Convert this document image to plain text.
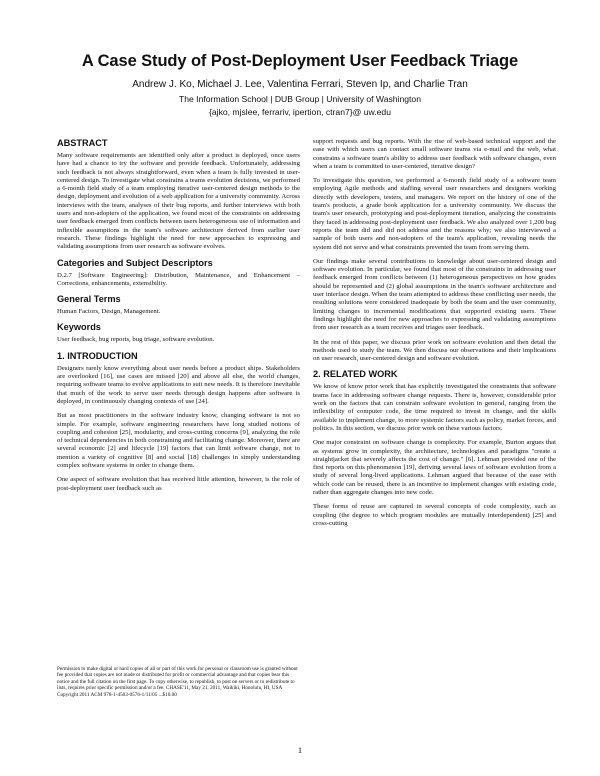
A Case Study of Post-Deployment User Feedback Triage
Andrew J. Ko, Michael J. Lee, Valentina Ferrari, Steven Ip, and Charlie Tran
The Information School | DUB Group | University of Washington
{ajko, mjslee, ferrariv, ipertion, ctran7}@ uw.edu
ABSTRACT

Many software requirements are identified only after a product is deployed, once users have had a chance to try the software and provide feedback. Unfortunately, addressing such feedback is not always straightforward, even when a team is fully invested in user-centered design. To investigate what constrains a teams evolution decisions, we performed a 6-month field study of a team employing iterative user-centered design methods to the design, deployment and evolution of a web application for a university community. Across interviews with the team, analyses of their bug reports, and further interviews with both users and non-adopters of the application, we found most of the constraints on addressing user feedback emerged from conflicts between users heterogeneous use of information and inflexible assumptions in the team's software architecture derived from earlier user research. These findings highlight the need for new approaches to expressing and validating assumptions from user research as software evolves.

Categories and Subject Descriptors

D.2.7 [Software Engineering]: Distribution, Maintenance, and Enhancement – Corrections, enhancements, extensibility.

General Terms

Human Factors, Design, Management.

Keywords

User feedback, bug reports, bug triage, software evolution.

1. INTRODUCTION

Designers rarely know everything about user needs before a product ships. Stakeholders are overlooked [16], use cases are missed [20] and above all else, the world changes, requiring software teams to evolve applications to suit new needs. It is therefore inevitable that much of the work to serve user needs through design happens after software is deployed, in continuously changing contexts of use [24].

But as most practitioners in the software industry know, changing software is not so simple. For example, software engineering researchers have long studied notions of coupling and cohesion [25], modularity, and cross-cutting concerns [9], analyzing the role of technical dependencies in both constraining and facilitating change. Moreover, there are several economic [2] and lifecycle [19] factors that can limit software change, not to mention a variety of cognitive [8] and social [18] challenges in simply understanding complex software systems in order to change them.

One aspect of software evolution that has received little attention, however, is the role of post-deployment user feedback such as

Permission to make digital or hard copies of all or part of this work for personal or classroom use is granted without fee provided that copies are not made or distributed for profit or commercial advantage and that copies bear this notice and the full citation on the first page. To copy otherwise, to republish, to post on servers or to redistribute to lists, requires prior specific permission and/or a fee. CHASE'11, May 21, 2011, Waikiki, Honolulu, HI, USA Copyright 2011 ACM 978-1-4503-0576-1/11/05 ...$10.00

support requests and bug reports. With the rise of web-based technical support and the ease with which users can contact small software teams via e-mail and the web, what constrains a software team's ability to address user feedback with software changes, even when a team is committed to user-centered, iterative design?

To investigate this question, we performed a 6-month field study of a software team employing Agile methods and staffing several user researchers and designers working directly with developers, testers, and managers. We report on the history of one of the team's products, a grade book application for a university community. We discuss the team's user research, prototyping and post-deployment iteration, analyzing the constraints they faced in addressing post-deployment user feedback. We also analyzed over 1,200 bug reports the team did and did not address and the reasons why; we also interviewed a sample of both users and non-adopters of the team's application, revealing needs the system did not serve and what constraints prevented the team from serving them.

Our findings make several contributions to knowledge about user-centered design and software evolution. In particular, we found that most of the constraints in addressing user feedback emerged from conflicts between (1) heterogeneous perspectives on how grades should be represented and (2) global assumptions in the team's software architecture and user interface design. When the team attempted to address these conflicting user needs, the resulting solutions were considered inadequate by both the team and the user community, limiting changes to incremental modifications that supported existing users. These findings highlight the need for new approaches to expressing and validating assumptions from user research as a team receives and triages user feedback.

In the rest of this paper, we discuss prior work on software evolution and then detail the methods used to study the team. We then discuss our observations and their implications on user research, user-centered design and software evolution.

2. RELATED WORK

We know of know prior work that has explicitly investigated the constraints that software teams face in addressing software change requests. There is, however, considerable prior work on the factors that can constrain software evolution in general, ranging from the inflexibility of computer code, the time required to invest in change, and the skills available to implement change, to more systemic factors such as policy, market forces, and politics. In this section, we discuss prior work on these various factors.

One major constraint on software change is complexity. For example, Burton argues that as systems grow in complexity, the architecture, technologies and paradigms "create a straightjacket that severely affects the cost of change." [6]. Lehman provided one of the first reports on this phenomenon [19], deriving several laws of software evolution from a study of several long-lived applications. Lehman argued that because of the ease with which code can be reused, there is an incentive to implement changes with existing code, rather than aggregate changes into new code.

These forms of reuse are captured in several concepts of code complexity, such as coupling (the degree to which program modules are mutually interdependent) [25] and cross-cutting

1
